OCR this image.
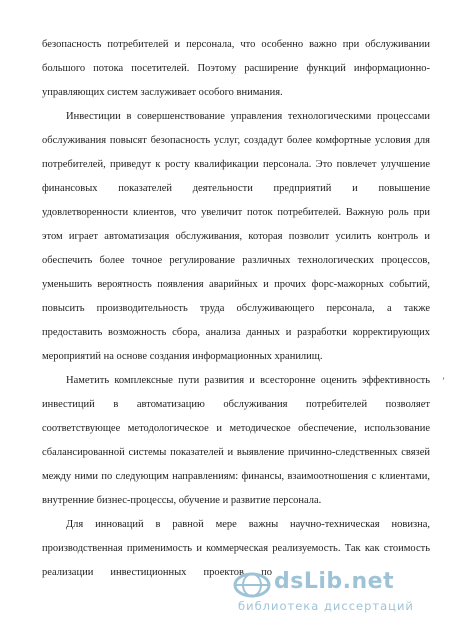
безопасность потребителей и персонала, что особенно важно при обслуживании
большого потока посетителей. Поэтому расширение функций информационно-
управляющих систем заслуживает особого внимания.
Инвестиции в совершенствование управления технологическими процессами
обслуживания повысят безопасность услуг, создадут более комфортные условия для
потребителей, приведут к росту квалификации персонала. Это повлечет улучшение
финансовых показателей деятельности предприятий и повышение
удовлетворенности клиентов, что увеличит поток потребителей. Важную роль при
этом играет автоматизация обслуживания, которая позволит усилить контроль и
обеспечить более точное регулирование различных технологических процессов,
уменьшить вероятность появления аварийных и прочих форс-мажорных событий,
повысить производительность труда обслуживающего персонала, а также
предоставить возможность сбора, анализа данных и разработки корректирующих
мероприятий на основе создания информационных хранилищ.
Наметить комплексные пути развития и всесторонне оценить эффективность ’
инвестиций в автоматизацию обслуживания потребителей позволяет
соответствующее методологическое и методическое обеспечение, использование
сбалансированной системы показателей и выявление причинно-следственных связей
между ними по следующим направлениям: финансы, взаимоотношения с клиентами,
внутренние бизнес-процессы, обучение и развитие персонала.
Для инноваций в равной мере важны научно-техническая новизна,
производственная применимость и коммерческая реализуемость. Так как стоимость
реализации инвестиционных проектов по dsLib.net
библиотека диссертаций
